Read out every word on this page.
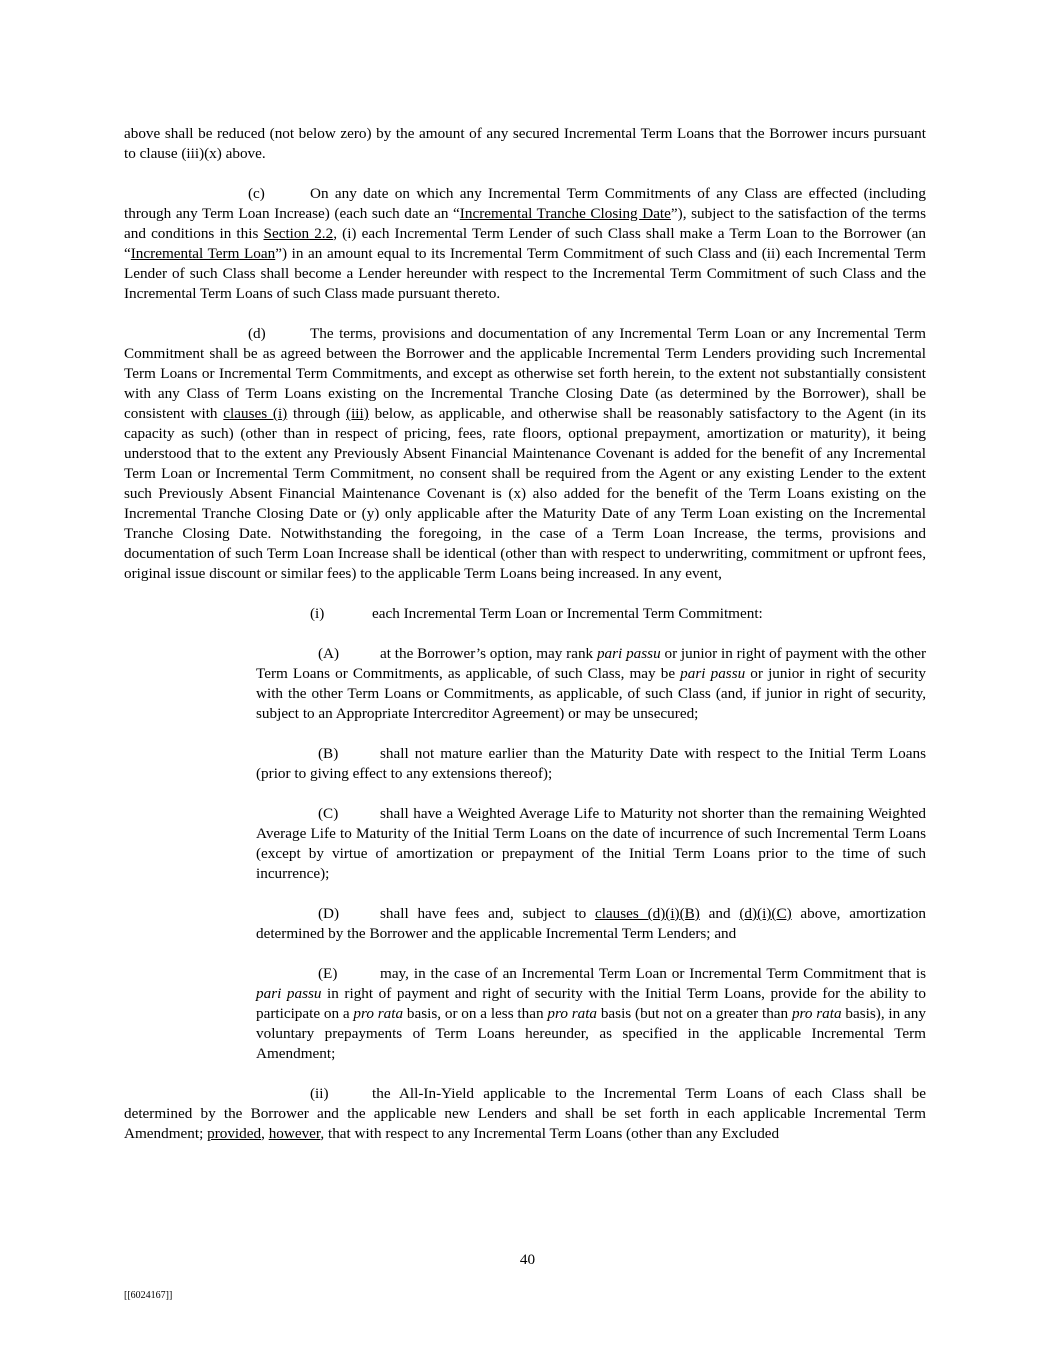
above shall be reduced (not below zero) by the amount of any secured Incremental Term Loans that the Borrower incurs pursuant to clause (iii)(x) above.

(c)	On any date on which any Incremental Term Commitments of any Class are effected (including through any Term Loan Increase) (each such date an “Incremental Tranche Closing Date”), subject to the satisfaction of the terms and conditions in this Section 2.2, (i) each Incremental Term Lender of such Class shall make a Term Loan to the Borrower (an “Incremental Term Loan”) in an amount equal to its Incremental Term Commitment of such Class and (ii) each Incremental Term Lender of such Class shall become a Lender hereunder with respect to the Incremental Term Commitment of such Class and the Incremental Term Loans of such Class made pursuant thereto.

(d)	The terms, provisions and documentation of any Incremental Term Loan or any Incremental Term Commitment shall be as agreed between the Borrower and the applicable Incremental Term Lenders providing such Incremental Term Loans or Incremental Term Commitments, and except as otherwise set forth herein, to the extent not substantially consistent with any Class of Term Loans existing on the Incremental Tranche Closing Date (as determined by the Borrower), shall be consistent with clauses (i) through (iii) below, as applicable, and otherwise shall be reasonably satisfactory to the Agent (in its capacity as such) (other than in respect of pricing, fees, rate floors, optional prepayment, amortization or maturity), it being understood that to the extent any Previously Absent Financial Maintenance Covenant is added for the benefit of any Incremental Term Loan or Incremental Term Commitment, no consent shall be required from the Agent or any existing Lender to the extent such Previously Absent Financial Maintenance Covenant is (x) also added for the benefit of the Term Loans existing on the Incremental Tranche Closing Date or (y) only applicable after the Maturity Date of any Term Loan existing on the Incremental Tranche Closing Date. Notwithstanding the foregoing, in the case of a Term Loan Increase, the terms, provisions and documentation of such Term Loan Increase shall be identical (other than with respect to underwriting, commitment or upfront fees, original issue discount or similar fees) to the applicable Term Loans being increased. In any event,

(i)	each Incremental Term Loan or Incremental Term Commitment:

(A)	at the Borrower’s option, may rank pari passu or junior in right of payment with the other Term Loans or Commitments, as applicable, of such Class, may be pari passu or junior in right of security with the other Term Loans or Commitments, as applicable, of such Class (and, if junior in right of security, subject to an Appropriate Intercreditor Agreement) or may be unsecured;

(B)	shall not mature earlier than the Maturity Date with respect to the Initial Term Loans (prior to giving effect to any extensions thereof);

(C)	shall have a Weighted Average Life to Maturity not shorter than the remaining Weighted Average Life to Maturity of the Initial Term Loans on the date of incurrence of such Incremental Term Loans (except by virtue of amortization or prepayment of the Initial Term Loans prior to the time of such incurrence);

(D)	shall have fees and, subject to clauses (d)(i)(B) and (d)(i)(C) above, amortization determined by the Borrower and the applicable Incremental Term Lenders; and

(E)	may, in the case of an Incremental Term Loan or Incremental Term Commitment that is pari passu in right of payment and right of security with the Initial Term Loans, provide for the ability to participate on a pro rata basis, or on a less than pro rata basis (but not on a greater than pro rata basis), in any voluntary prepayments of Term Loans hereunder, as specified in the applicable Incremental Term Amendment;

(ii)	the All-In-Yield applicable to the Incremental Term Loans of each Class shall be determined by the Borrower and the applicable new Lenders and shall be set forth in each applicable Incremental Term Amendment; provided, however, that with respect to any Incremental Term Loans (other than any Excluded

40
[[6024167]]
